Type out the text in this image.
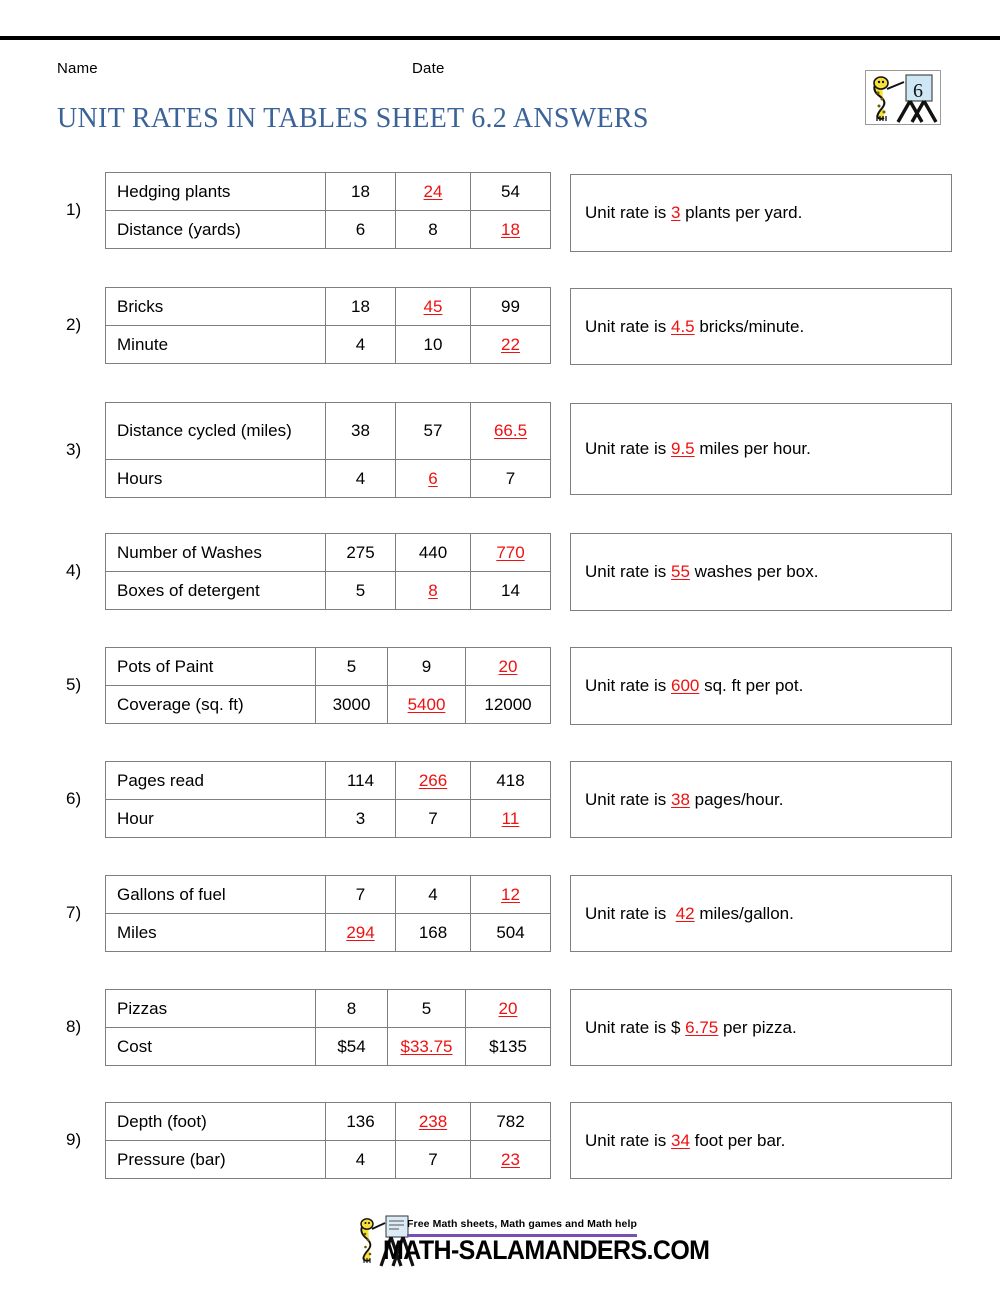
Name	Date
UNIT RATES IN TABLES SHEET 6.2 ANSWERS
6
1)
Hedging plants	18	24	54
Distance (yards)	6	8	18
Unit rate is 3 plants per yard.
2)
Bricks	18	45	99
Minute	4	10	22
Unit rate is 4.5 bricks/minute.
3)
Distance cycled (miles)	38	57	66.5
Hours	4	6	7
Unit rate is 9.5 miles per hour.
4)
Number of Washes	275	440	770
Boxes of detergent	5	8	14
Unit rate is 55 washes per box.
5)
Pots of Paint	5	9	20
Coverage (sq. ft)	3000	5400	12000
Unit rate is 600 sq. ft per pot.
6)
Pages read	114	266	418
Hour	3	7	11
Unit rate is 38 pages/hour.
7)
Gallons of fuel	7	4	12
Miles	294	168	504
Unit rate is  42 miles/gallon.
8)
Pizzas	8	5	20
Cost	$54	$33.75	$135
Unit rate is $ 6.75 per pizza.
9)
Depth (foot)	136	238	782
Pressure (bar)	4	7	23
Unit rate is 34 foot per bar.
Free Math sheets, Math games and Math help
MATH-SALAMANDERS.COM
